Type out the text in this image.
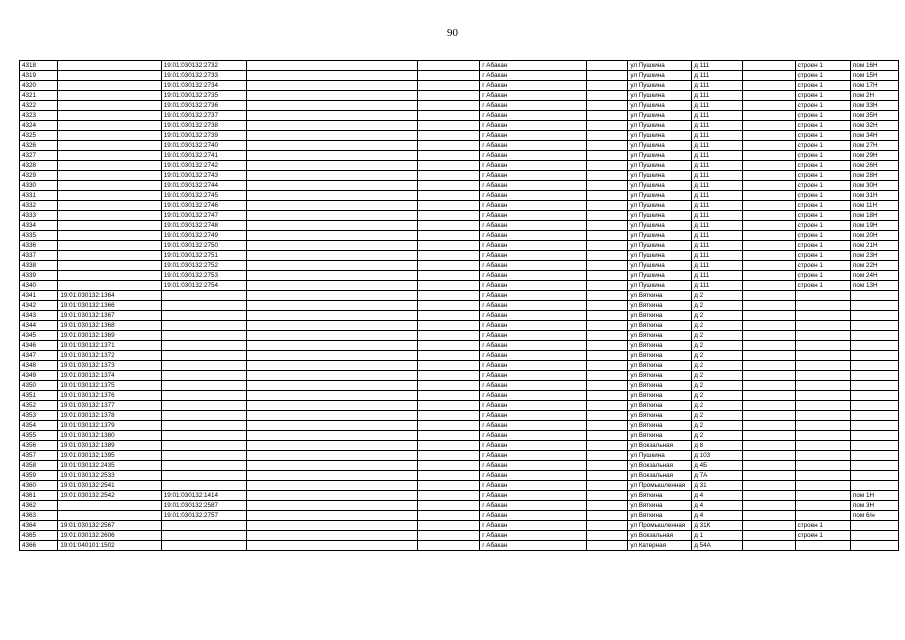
90
4318		19:01:030132:2732			г Абакан		ул Пушкина	д 111		строен 1	пом 16Н
4319		19:01:030132:2733			г Абакан		ул Пушкина	д 111		строен 1	пом 15Н
4320		19:01:030132:2734			г Абакан		ул Пушкина	д 111		строен 1	пом 17Н
4321		19:01:030132:2735			г Абакан		ул Пушкина	д 111		строен 1	пом 2Н
4322		19:01:030132:2736			г Абакан		ул Пушкина	д 111		строен 1	пом 33Н
4323		19:01:030132:2737			г Абакан		ул Пушкина	д 111		строен 1	пом 35Н
4324		19:01:030132:2738			г Абакан		ул Пушкина	д 111		строен 1	пом 32Н
4325		19:01:030132:2739			г Абакан		ул Пушкина	д 111		строен 1	пом 34Н
4326		19:01:030132:2740			г Абакан		ул Пушкина	д 111		строен 1	пом 27Н
4327		19:01:030132:2741			г Абакан		ул Пушкина	д 111		строен 1	пом 29Н
4328		19:01:030132:2742			г Абакан		ул Пушкина	д 111		строен 1	пом 26Н
4329		19:01:030132:2743			г Абакан		ул Пушкина	д 111		строен 1	пом 28Н
4330		19:01:030132:2744			г Абакан		ул Пушкина	д 111		строен 1	пом 30Н
4331		19:01:030132:2745			г Абакан		ул Пушкина	д 111		строен 1	пом 31Н
4332		19:01:030132:2746			г Абакан		ул Пушкина	д 111		строен 1	пом 11Н
4333		19:01:030132:2747			г Абакан		ул Пушкина	д 111		строен 1	пом 18Н
4334		19:01:030132:2748			г Абакан		ул Пушкина	д 111		строен 1	пом 19Н
4335		19:01:030132:2749			г Абакан		ул Пушкина	д 111		строен 1	пом 20Н
4336		19:01:030132:2750			г Абакан		ул Пушкина	д 111		строен 1	пом 21Н
4337		19:01:030132:2751			г Абакан		ул Пушкина	д 111		строен 1	пом 23Н
4338		19:01:030132:2752			г Абакан		ул Пушкина	д 111		строен 1	пом 22Н
4339		19:01:030132:2753			г Абакан		ул Пушкина	д 111		строен 1	пом 24Н
4340		19:01:030132:2754			г Абакан		ул Пушкина	д 111		строен 1	пом 13Н
4341	19:01:030132:1364				г Абакан		ул Вяткина	д 2			
4342	19:01:030132:1366				г Абакан		ул Вяткина	д 2			
4343	19:01:030132:1367				г Абакан		ул Вяткина	д 2			
4344	19:01:030132:1368				г Абакан		ул Вяткина	д 2			
4345	19:01:030132:1369				г Абакан		ул Вяткина	д 2			
4346	19:01:030132:1371				г Абакан		ул Вяткина	д 2			
4347	19:01:030132:1372				г Абакан		ул Вяткина	д 2			
4348	19:01:030132:1373				г Абакан		ул Вяткина	д 2			
4349	19:01:030132:1374				г Абакан		ул Вяткина	д 2			
4350	19:01:030132:1375				г Абакан		ул Вяткина	д 2			
4351	19:01:030132:1376				г Абакан		ул Вяткина	д 2			
4352	19:01:030132:1377				г Абакан		ул Вяткина	д 2			
4353	19:01:030132:1378				г Абакан		ул Вяткина	д 2			
4354	19:01:030132:1379				г Абакан		ул Вяткина	д 2			
4355	19:01:030132:1380				г Абакан		ул Вяткина	д 2			
4356	19:01:030132:1389				г Абакан		ул Вокзальная	д 8			
4357	19:01:030132:1395				г Абакан		ул Пушкина	д 103			
4358	19:01:030132:2435				г Абакан		ул Вокзальная	д 4Б			
4359	19:01:030132:2533				г Абакан		ул Вокзальная	д 7А			
4360	19:01:030132:2541				г Абакан		ул Промышленная	д 31			
4361	19:01:030132:2542	19:01:030132:1414			г Абакан		ул Вяткина	д 4			пом 1Н
4362		19:01:030132:2587			г Абакан		ул Вяткина	д 4			пом 3Н
4363		19:01:030132:2757			г Абакан		ул Вяткина	д 4			пом 6/н
4364	19:01:030132:2567				г Абакан		ул Промышленная	д 31К		строен 1	
4365	19:01:030132:2606				г Абакан		ул Вокзальная	д 1		строен 1	
4366	19:01:040101:1502				г Абакан		ул Катерная	д 54А			
